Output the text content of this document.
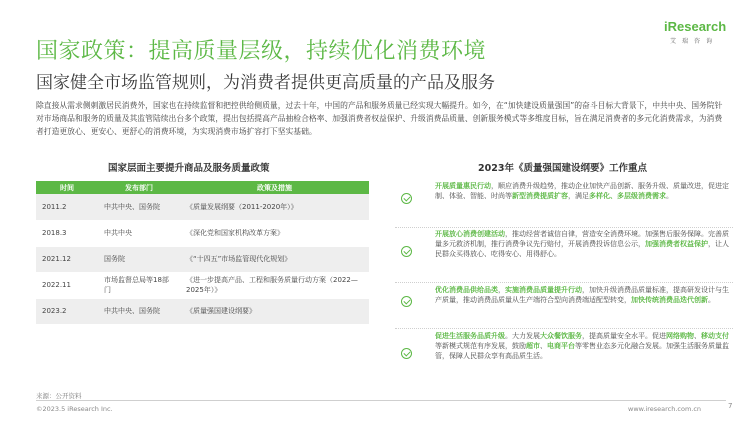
国家政策：提高质量层级，持续优化消费环境
国家健全市场监管规则，为消费者提供更高质量的产品及服务
iResearch
艾瑞咨询
除直接从需求侧刺激居民消费外，国家也在持续监督和把控供给侧质量，过去十年，中国的产品和服务质量已经实现大幅提升。如今，在“加快建设质量强国”的奋斗目标大背景下，中共中央、国务院针对市场商品和服务的质量及其监管陆续出台多个政策，提出包括提高产品抽检合格率、加强消费者权益保护、升级消费品质量、创新服务模式等多维度目标，旨在满足消费者的多元化消费需求，为消费者打造更放心、更安心、更舒心的消费环境，为实现消费市场扩容打下坚实基础。
国家层面主要提升商品及服务质量政策	2023年《质量强国建设纲要》工作重点
时间	发布部门	政策及措施
2011.2	中共中央、国务院	《质量发展纲要（2011-2020年）》
2018.3	中共中央	《深化党和国家机构改革方案》
2021.12	国务院	《“十四五”市场监管现代化规划》
2022.11	市场监督总局等18部门	《进一步提高产品、工程和服务质量行动方案（2022—2025年）》
2023.2	中共中央、国务院	《质量强国建设纲要》
开展质量惠民行动，顺应消费升级趋势，推动企业加快产品创新、服务升级、质量改进，促进定制、体验、智能、时尚等新型消费提质扩容，满足多样化、多层级消费需求。
开展放心消费创建活动，推动经营者诚信自律，营造安全消费环境。加强售后服务保障。完善质量多元救济机制，推行消费争议先行赔付，开展消费投诉信息公示，加强消费者权益保护，让人民群众买得放心、吃得安心、用得舒心。
优化消费品供给品类，实施消费品质量提升行动，加快升级消费品质量标准，提高研发设计与生产质量，推动消费品质量从生产端符合型向消费端适配型转变，加快传统消费品迭代创新。
促进生活服务品质升级。大力发展大众餐饮服务，提高质量安全水平。促进网络购物、移动支付等新模式规范有序发展，鼓励超市、电商平台等零售业态多元化融合发展。加强生活服务质量监管，保障人民群众享有高品质生活。
来源：公开资料
©2023.5 iResearch Inc.	www.iresearch.com.cn	7
